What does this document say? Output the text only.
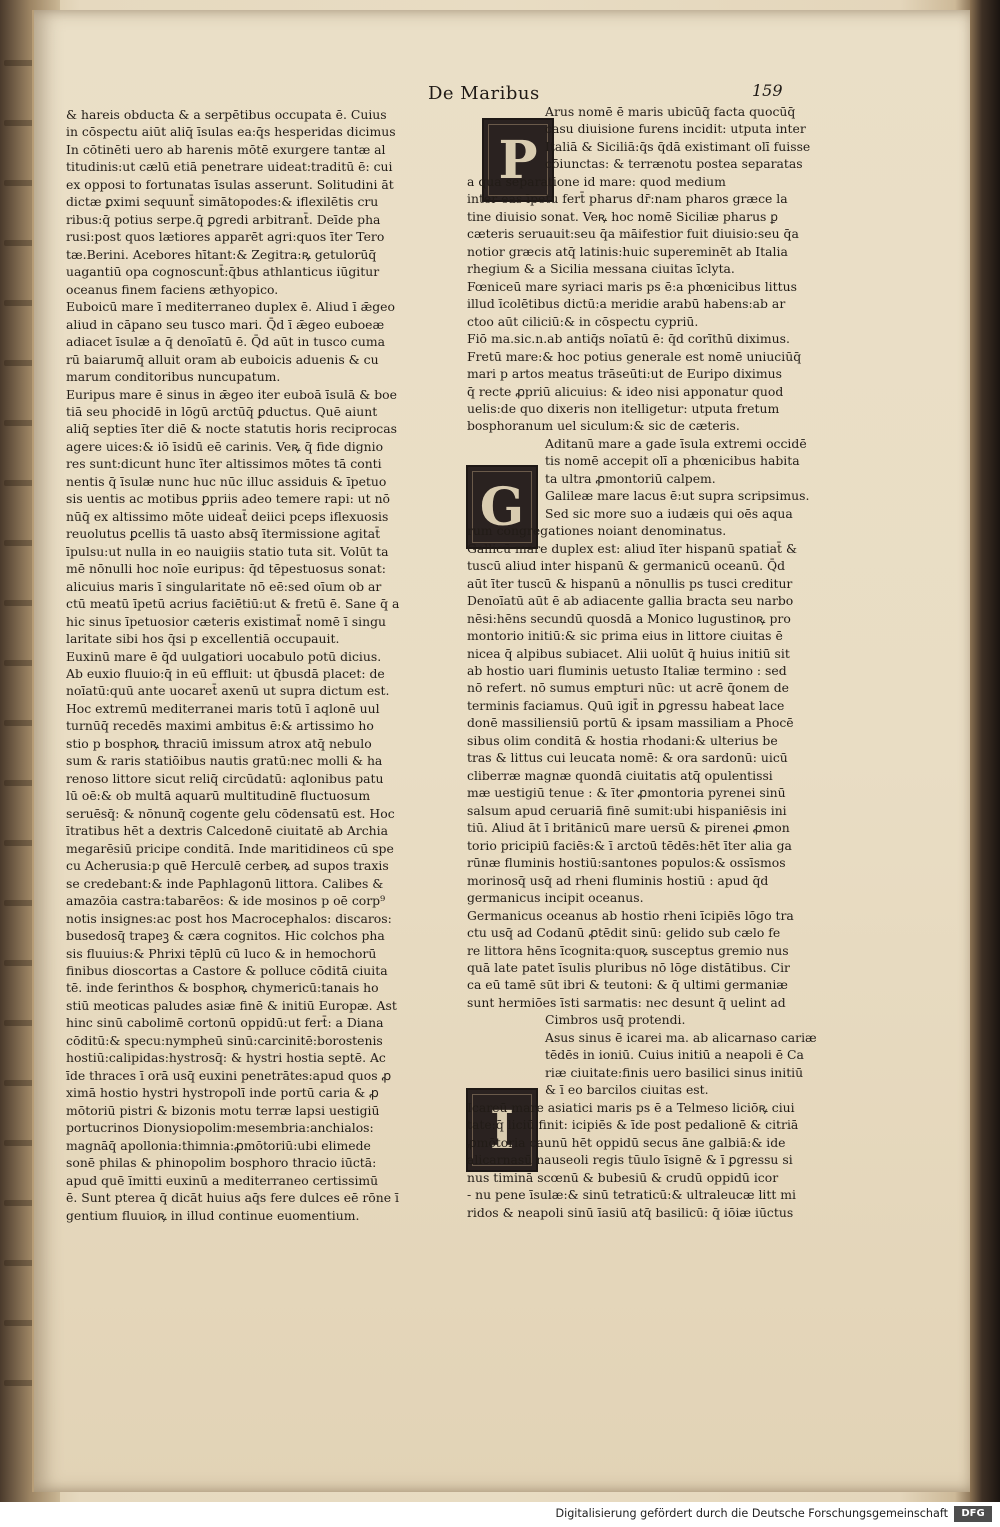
De Maribus	159
P
G
I
& hareis obducta & a serpētibus occupata ē. Cuius
in cōspectu aiūt aliq̄ īsulas ea:q̄s hesperidas dicimus
In cōtinēti uero ab harenis mōtē exurgere tantæ al
titudinis:ut cælū etiā penetrare uideat:traditū ē: cui
ex opposi to fortunatas īsulas asserunt. Solitudini āt
dictæ ꝑximi sequunt̄ simātopodes:& iflexilētis cru
ribus:q̄ potius serpe.q̄ ꝑgredi arbitrant̄. Deīde pha
rusi:post quos lætiores apparēt agri:quos īter Tero
tæ.Berini. Acebores hītant:& Zegitra:ꝶ getulorūq̄
uagantiū opa cognoscunt̄:q̄bus athlanticus iūgitur
oceanus finem faciens æthyopico.
Euboicū mare ī mediterraneo duplex ē. Aliud ī ǣgeo
aliud in cāpano seu tusco mari. Q̄d ī ǣgeo euboeæ
adiacet īsulæ a q̄ denoīatū ē. Q̄d aūt in tusco cuma
rū baiarumq̄ alluit oram ab euboicis aduenis & cu
marum conditoribus nuncupatum.
Euripus mare ē sinus in ǣgeo iter euboā īsulā & boe
tiā seu phocidē in lōgū arctūq̄ ꝑductus. Quē aiunt
aliq̄ septies īter diē & nocte statutis horis reciprocas
agere uices:& iō īsidū eē carinis. Veꝶ q̄ fide dignio
res sunt:dicunt hunc īter altissimos mōtes tā conti
nentis q̄ īsulæ nunc huc nūc illuc assiduis & īpetuo
sis uentis ac motibus ꝑpriis adeo temere rapi: ut nō
nūq̄ ex altissimo mōte uideat̄ deiici pceps iflexuosis
reuolutus ꝑcellis tā uasto absq̄ ītermissione agitat̄
īpulsu:ut nulla in eo nauigiis statio tuta sit. Volūt ta
mē nōnulli hoc noīe euripus: q̄d tēpestuosus sonat:
alicuius maris ī singularitate nō eē:sed oīum ob ar
ctū meatū īpetū acrius faciētiū:ut & fretū ē. Sane q̄ a
hic sinus īpetuosior cæteris existimat̄ nomē ī singu
laritate sibi hos q̄si p excellentiā occupauit.
Euxinū mare ē q̄d uulgatiori uocabulo potū dicius.
Ab euxio fluuio:q̄ in eū effluit: ut q̄busdā placet: de
noīatū:quū ante uocaret̄ axenū ut supra dictum est.
Hoc extremū mediterranei maris totū ī aqlonē uul
turnūq̄ recedēs maximi ambitus ē:& artissimo ho
stio p bosphoꝶ thraciū imissum atrox atq̄ nebulo
sum & raris statiōibus nautis gratū:nec molli & ha
renoso littore sicut reliq̄ circūdatū: aqlonibus patu
lū oē:& ob multā aquarū multitudinē fluctuosum
seruēsq̄: & nōnunq̄ cogente gelu cōdensatū est. Hoc
ītratibus hēt a dextris Calcedonē ciuitatē ab Archia
megarēsiū pricipe conditā. Inde maritidineos cū spe
cu Acherusia:p quē Herculē cerbeꝶ ad supos traxis
se credebant:& inde Paphlagonū littora. Calibes &
amazōia castra:tabarēos: & ide mosinos p oē corp⁹
notis insignes:ac post hos Macrocephalos: discaros:
busedosq̄ trapeꝫ & cæra cognitos. Hic colchos pha
sis fluuius:& Phrixi tēplū cū luco & in hemochorū
finibus dioscortas a Castore & polluce cōditā ciuita
tē. inde ferinthos & bosphoꝶ chymericū:tanais ho
stiū meoticas paludes asiæ finē & initiū Europæ. Ast
hinc sinū cabolimē cortonū oppidū:ut fert̄: a Diana
cōditū:& specu:nympheū sinū:carcinitē:borostenis
hostiū:calipidas:hystrosq̄: & hystri hostia septē. Ac
īde thraces ī orā usq̄ euxini penetrātes:apud quos ꝓ
ximā hostio hystri hystropolī inde portū caria & ꝓ
mōtoriū pistri & bizonis motu terræ lapsi uestigiū
portucrinos Dionysiopolim:mesembria:anchialos:
magnāq̄ apollonia:thimnia:ꝓmōtoriū:ubi elimede
sonē philas & phinopolim bosphoro thracio iūctā:
apud quē īmitti euxinū a mediterraneo certissimū
ē. Sunt pterea q̄ dicāt huius aq̄s fere dulces eē rōne ī
gentium fluuioꝶ in illud continue euomentium.
Arus nomē ē maris ubicūq̄ facta quocūq̄
casu diuisione furens incidit: utputa inter
Italiā & Siciliā:q̄s q̄dā existimant olī fuisse
cōiunctas: & terrænotu postea separatas
a qua separatione id mare: quod medium
inter eas īpetu fert̄ pharus dr̄:nam pharos græce la
tine diuisio sonat. Veꝶ hoc nomē Siciliæ pharus ꝑ
cæteris seruauit:seu q̄a māifestior fuit diuisio:seu q̄a
notior græcis atq̄ latinis:huic supereminēt ab Italia
rhegium & a Sicilia messana ciuitas īclyta.
Fœniceū mare syriaci maris ps ē:a phœnicibus littus
illud īcolētibus dictū:a meridie arabū habens:ab ar
ctoo aūt ciliciū:& in cōspectu cypriū.
Fiō ma.sic.n.ab antiq̄s noīatū ē: q̄d corīthū diximus.
Fretū mare:& hoc potius generale est nomē uniuciūq̄
mari p artos meatus trāseūti:ut de Euripo diximus
q̄ recte ꝓpriū alicuius: & ideo nisi apponatur quod
uelis:de quo dixeris non itelligetur: utputa fretum
bosphoranum uel siculum:& sic de cæteris.
Aditanū mare a gade īsula extremi occidē
tis nomē accepit olī a phœnicibus habita
ta ultra ꝓmontoriū calpem.
Galileæ mare lacus ē:ut supra scripsimus.
Sed sic more suo a iudæis qui oēs aqua
rum congregationes noiant denominatus.
Gallicū mare duplex est: aliud īter hispanū spatiat̄ &
tuscū aliud inter hispanū & germanicū oceanū. Q̄d
aūt īter tuscū & hispanū a nōnullis ps tusci creditur
Denoīatū aūt ē ab adiacente gallia bracta seu narbo
nēsi:hēns secundū quosdā a Monico lugustinoꝶ pro
montorio initiū:& sic prima eius in littore ciuitas ē
nicea q̄ alpibus subiacet. Alii uolūt q̄ huius initiū sit
ab hostio uari fluminis uetusto Italiæ termino : sed
nō refert. nō sumus empturi nūc: ut acrē q̄onem de
terminis faciamus. Quū igit̄ in ꝑgressu habeat lace
donē massiliensiū portū & ipsam massiliam a Phocē
sibus olim conditā & hostia rhodani:& ulterius be
tras & littus cui leucata nomē: & ora sardonū: uicū
cliberræ magnæ quondā ciuitatis atq̄ opulentissi
mæ uestigiū tenue : & īter ꝓmontoria pyrenei sinū
salsum apud ceruariā finē sumit:ubi hispaniēsis ini
tiū. Aliud āt ī britānicū mare uersū & pirenei ꝓmon
torio pricipiū faciēs:& ī arctoū tēdēs:hēt īter alia ga
rūnæ fluminis hostiū:santones populos:& ossīsmos
morinosq̄ usq̄ ad rheni fluminis hostiū : apud q̄d
germanicus incipit oceanus.
Germanicus oceanus ab hostio rheni īcipiēs lōgo tra
ctu usq̄ ad Codanū ꝓtēdit sinū: gelido sub cælo fe
re littora hēns īcognita:quoꝶ susceptus gremio nus
quā late patet īsulis pluribus nō lōge distātibus. Cir
ca eū tamē sūt ibri & teutoni: & q̄ ultimi germaniæ
sunt hermiōes īsti sarmatis: nec desunt q̄ uelint ad
Cimbros usq̄ protendi.
Asus sinus ē icarei ma. ab alicarnaso cariæ
tēdēs in ioniū. Cuius initiū a neapoli ē Ca
riæ ciuitate:finis uero basilici sinus initiū
& ī eo barcilos ciuitas est.
Icareū mare asiatici maris ps ē a Telmeso liciōꝶ ciui
tate:q̄ liciū finit: icipiēs & īde post pedalionē & citriā
ꝓmōtoria caunū hēt oppidū secus āne galbiā:& ide
alicarnasū nauseoli regis tūulo īsignē & ī ꝑgressu si
nus timinā scœnū & bubesiū & crudū oppidū icor
- nu pene īsulæ:& sinū tetraticū:& ultraleucæ litt mi
ridos & neapoli sinū īasiū atq̄ basilicū: q̄ iōiæ iūctus
Digitalisierung gefördert durch die Deutsche Forschungsgemeinschaft	DFG
